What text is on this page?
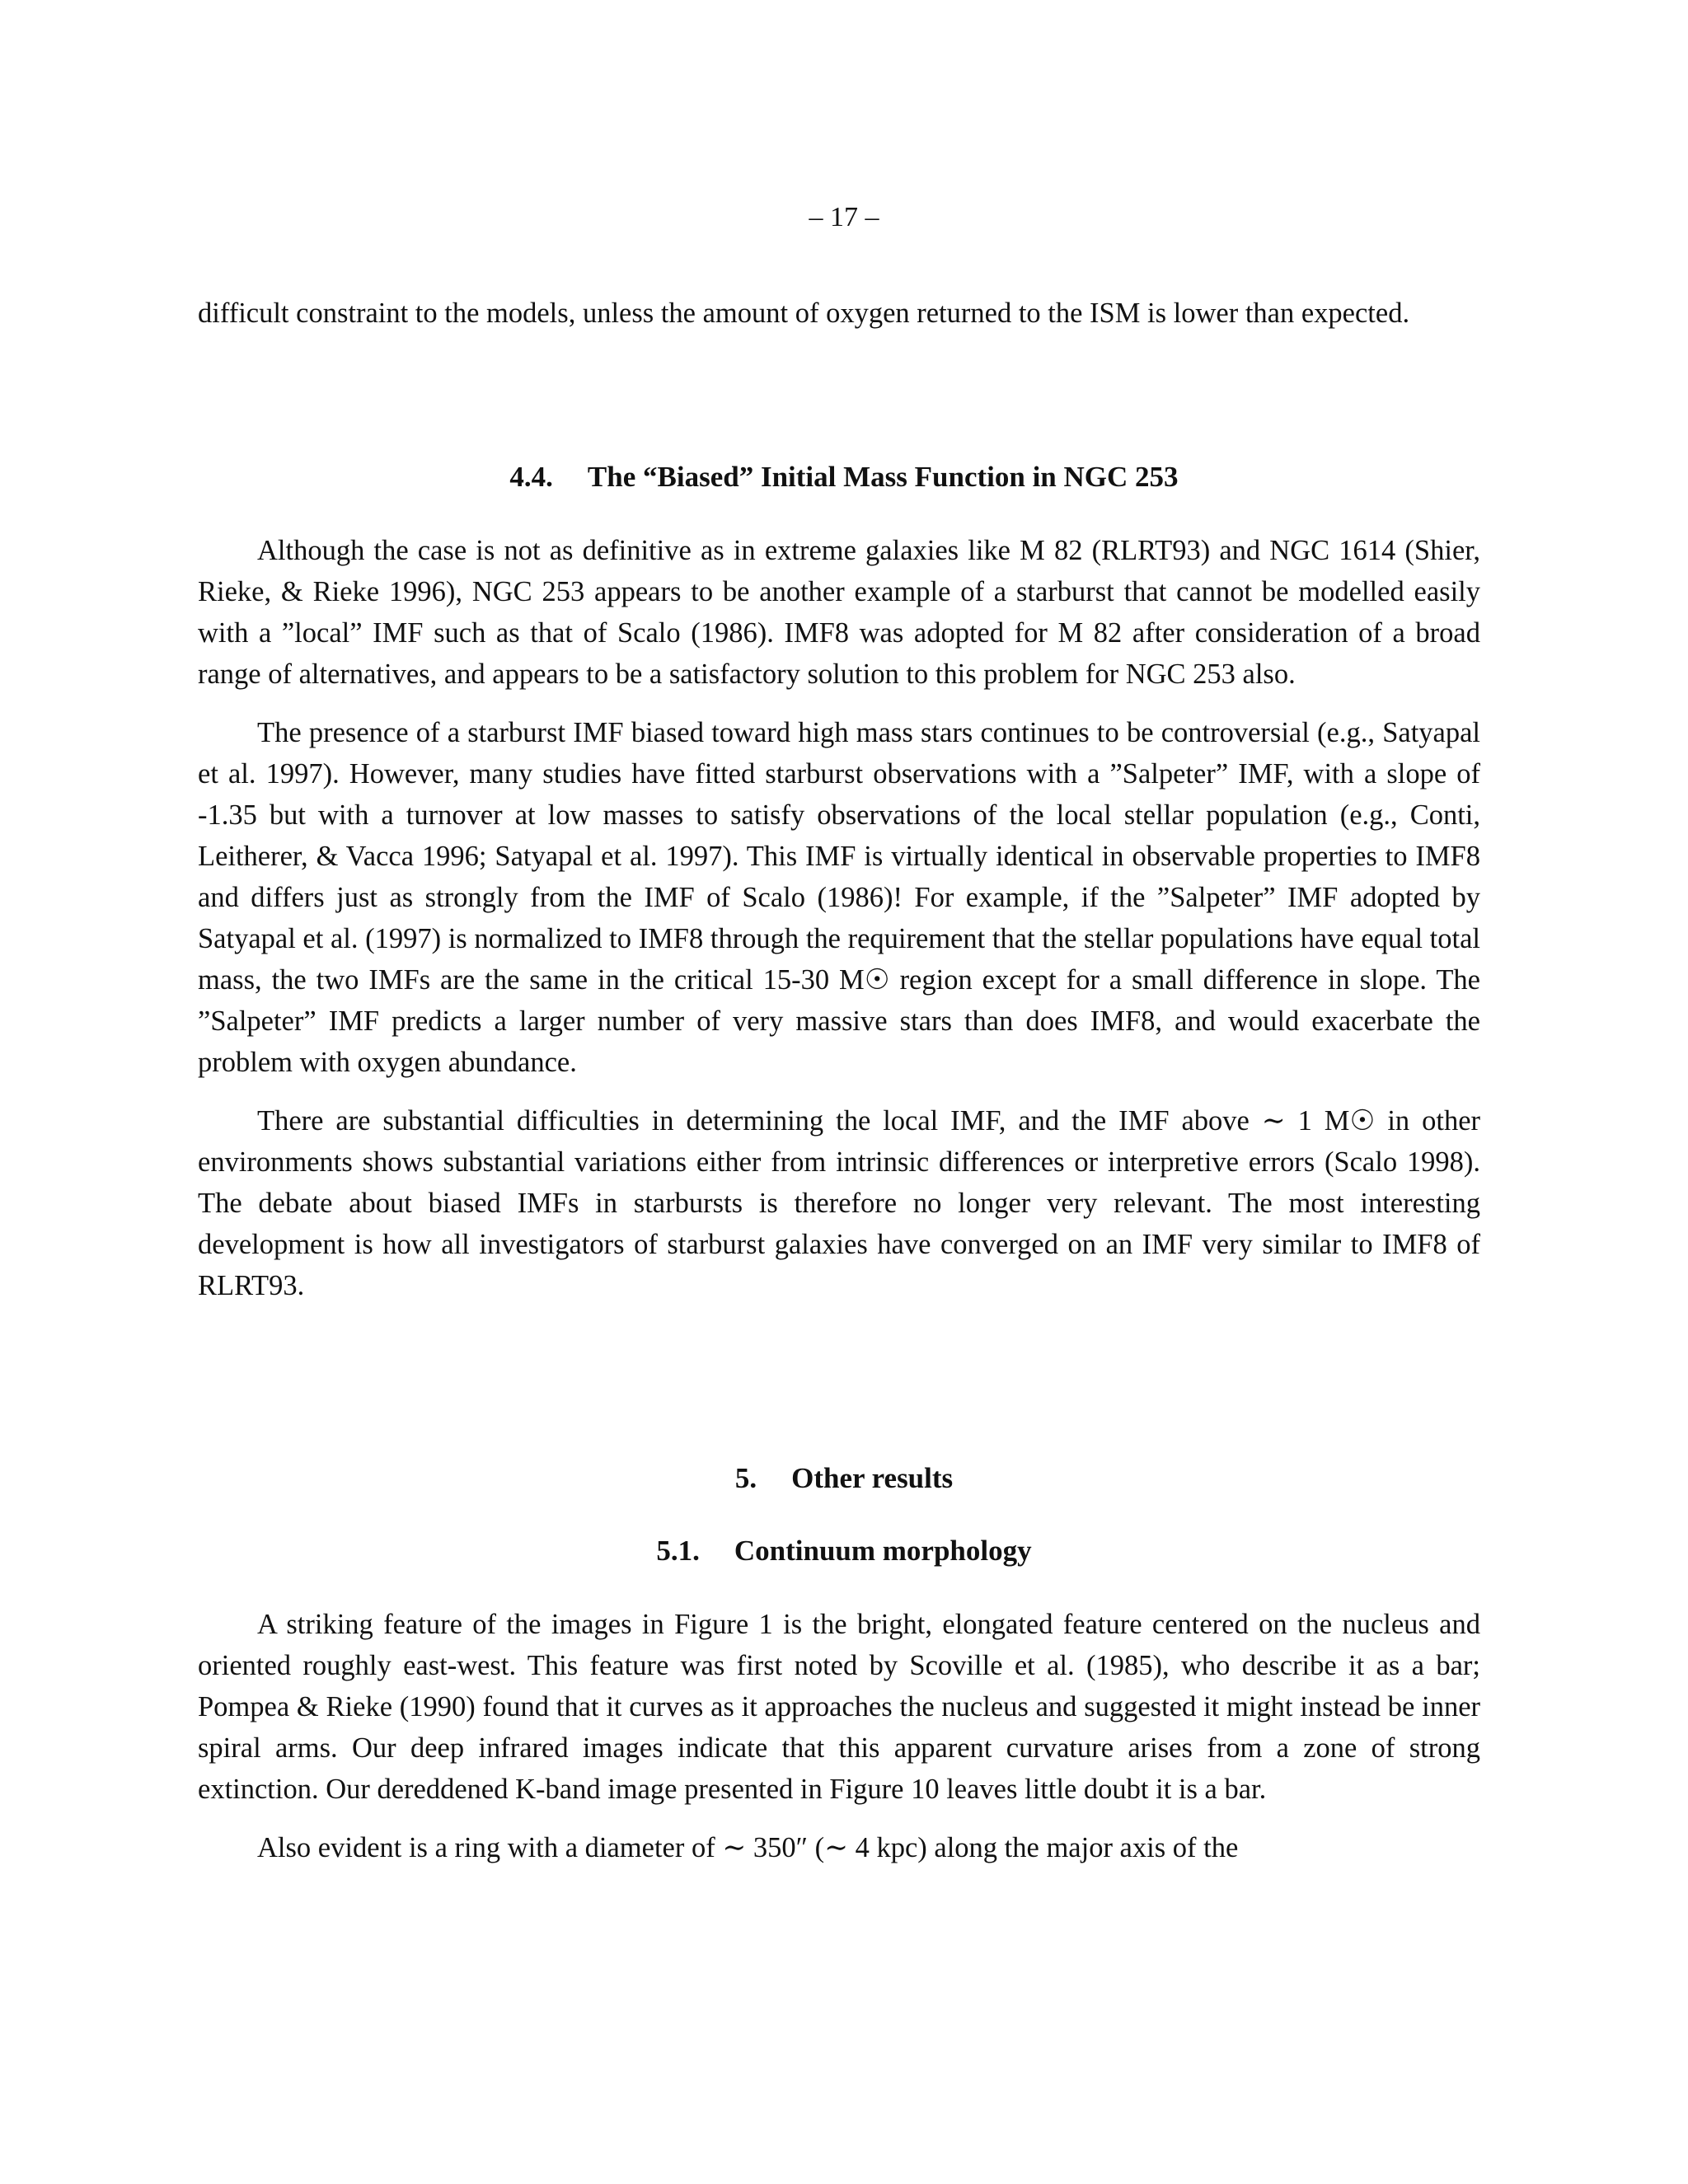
– 17 –

difficult constraint to the models, unless the amount of oxygen returned to the ISM is lower than expected.

4.4. The “Biased” Initial Mass Function in NGC 253

Although the case is not as definitive as in extreme galaxies like M 82 (RLRT93) and NGC 1614 (Shier, Rieke, & Rieke 1996), NGC 253 appears to be another example of a starburst that cannot be modelled easily with a ”local” IMF such as that of Scalo (1986). IMF8 was adopted for M 82 after consideration of a broad range of alternatives, and appears to be a satisfactory solution to this problem for NGC 253 also.

The presence of a starburst IMF biased toward high mass stars continues to be controversial (e.g., Satyapal et al. 1997). However, many studies have fitted starburst observations with a ”Salpeter” IMF, with a slope of -1.35 but with a turnover at low masses to satisfy observations of the local stellar population (e.g., Conti, Leitherer, & Vacca 1996; Satyapal et al. 1997). This IMF is virtually identical in observable properties to IMF8 and differs just as strongly from the IMF of Scalo (1986)! For example, if the ”Salpeter” IMF adopted by Satyapal et al. (1997) is normalized to IMF8 through the requirement that the stellar populations have equal total mass, the two IMFs are the same in the critical 15-30 M☉ region except for a small difference in slope. The ”Salpeter” IMF predicts a larger number of very massive stars than does IMF8, and would exacerbate the problem with oxygen abundance.

There are substantial difficulties in determining the local IMF, and the IMF above ∼ 1 M☉ in other environments shows substantial variations either from intrinsic differences or interpretive errors (Scalo 1998). The debate about biased IMFs in starbursts is therefore no longer very relevant. The most interesting development is how all investigators of starburst galaxies have converged on an IMF very similar to IMF8 of RLRT93.

5. Other results
5.1. Continuum morphology

A striking feature of the images in Figure 1 is the bright, elongated feature centered on the nucleus and oriented roughly east-west. This feature was first noted by Scoville et al. (1985), who describe it as a bar; Pompea & Rieke (1990) found that it curves as it approaches the nucleus and suggested it might instead be inner spiral arms. Our deep infrared images indicate that this apparent curvature arises from a zone of strong extinction. Our dereddened K-band image presented in Figure 10 leaves little doubt it is a bar.

Also evident is a ring with a diameter of ∼ 350″ (∼ 4 kpc) along the major axis of the
